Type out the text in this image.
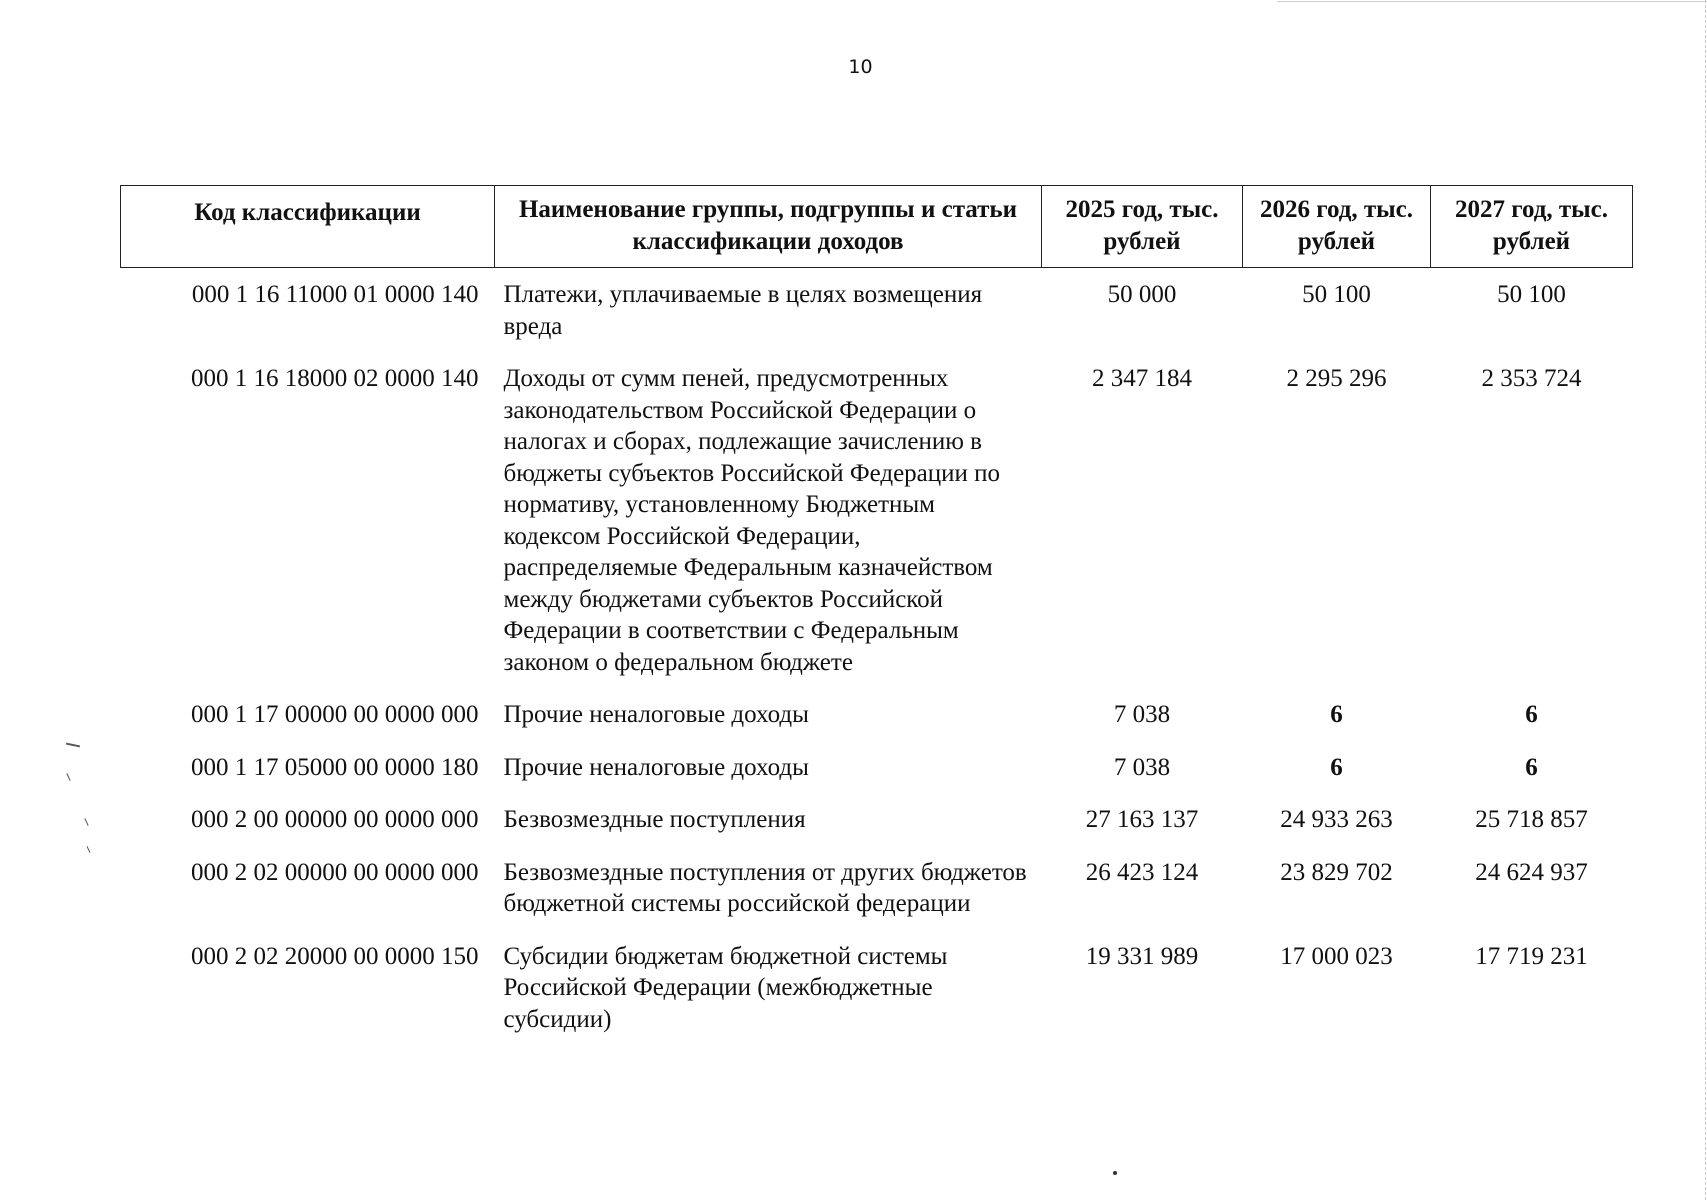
10
Код классификации	Наименование группы, подгруппы и статьи классификации доходов	2025 год, тыс. рублей	2026 год, тыс. рублей	2027 год, тыс. рублей
000 1 16 11000 01 0000 140	Платежи, уплачиваемые в целях возмещения вреда	50 000	50 100	50 100
000 1 16 18000 02 0000 140	Доходы от сумм пеней, предусмотренных законодательством Российской Федерации о налогах и сборах, подлежащие зачислению в бюджеты субъектов Российской Федерации по нормативу, установленному Бюджетным кодексом Российской Федерации, распределяемые Федеральным казначейством между бюджетами субъектов Российской Федерации в соответствии с Федеральным законом о федеральном бюджете	2 347 184	2 295 296	2 353 724
000 1 17 00000 00 0000 000	Прочие неналоговые доходы	7 038	6	6
000 1 17 05000 00 0000 180	Прочие неналоговые доходы	7 038	6	6
000 2 00 00000 00 0000 000	Безвозмездные поступления	27 163 137	24 933 263	25 718 857
000 2 02 00000 00 0000 000	Безвозмездные поступления от других бюджетов бюджетной системы российской федерации	26 423 124	23 829 702	24 624 937
000 2 02 20000 00 0000 150	Субсидии бюджетам бюджетной системы Российской Федерации (межбюджетные субсидии)	19 331 989	17 000 023	17 719 231
